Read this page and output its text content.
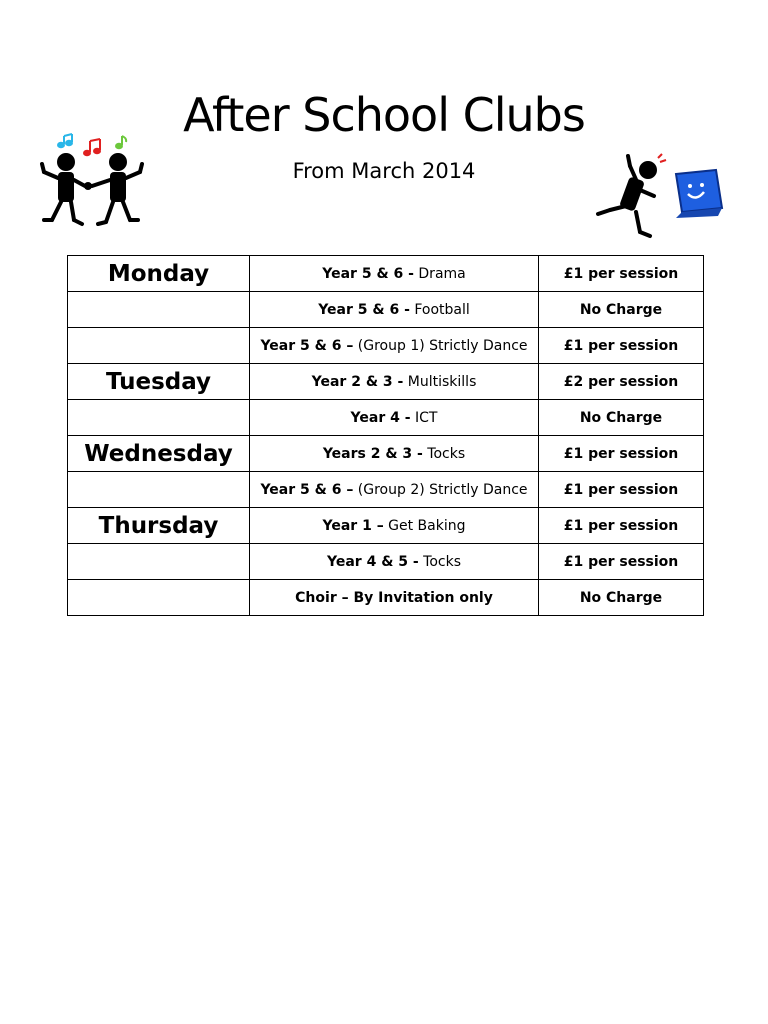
After School Clubs
From March 2014
Monday	Year 5 & 6 - Drama	£1 per session
	Year 5 & 6 - Football	No Charge
	Year 5 & 6 – (Group 1) Strictly Dance	£1 per session
Tuesday	Year 2 & 3 - Multiskills	£2 per session
	Year 4 - ICT	No Charge
Wednesday	Years 2 & 3 - Tocks	£1 per session
	Year 5 & 6 – (Group 2) Strictly Dance	£1 per session
Thursday	Year 1 – Get Baking	£1 per session
	Year 4 & 5 - Tocks	£1 per session
	Choir – By Invitation only	No Charge
